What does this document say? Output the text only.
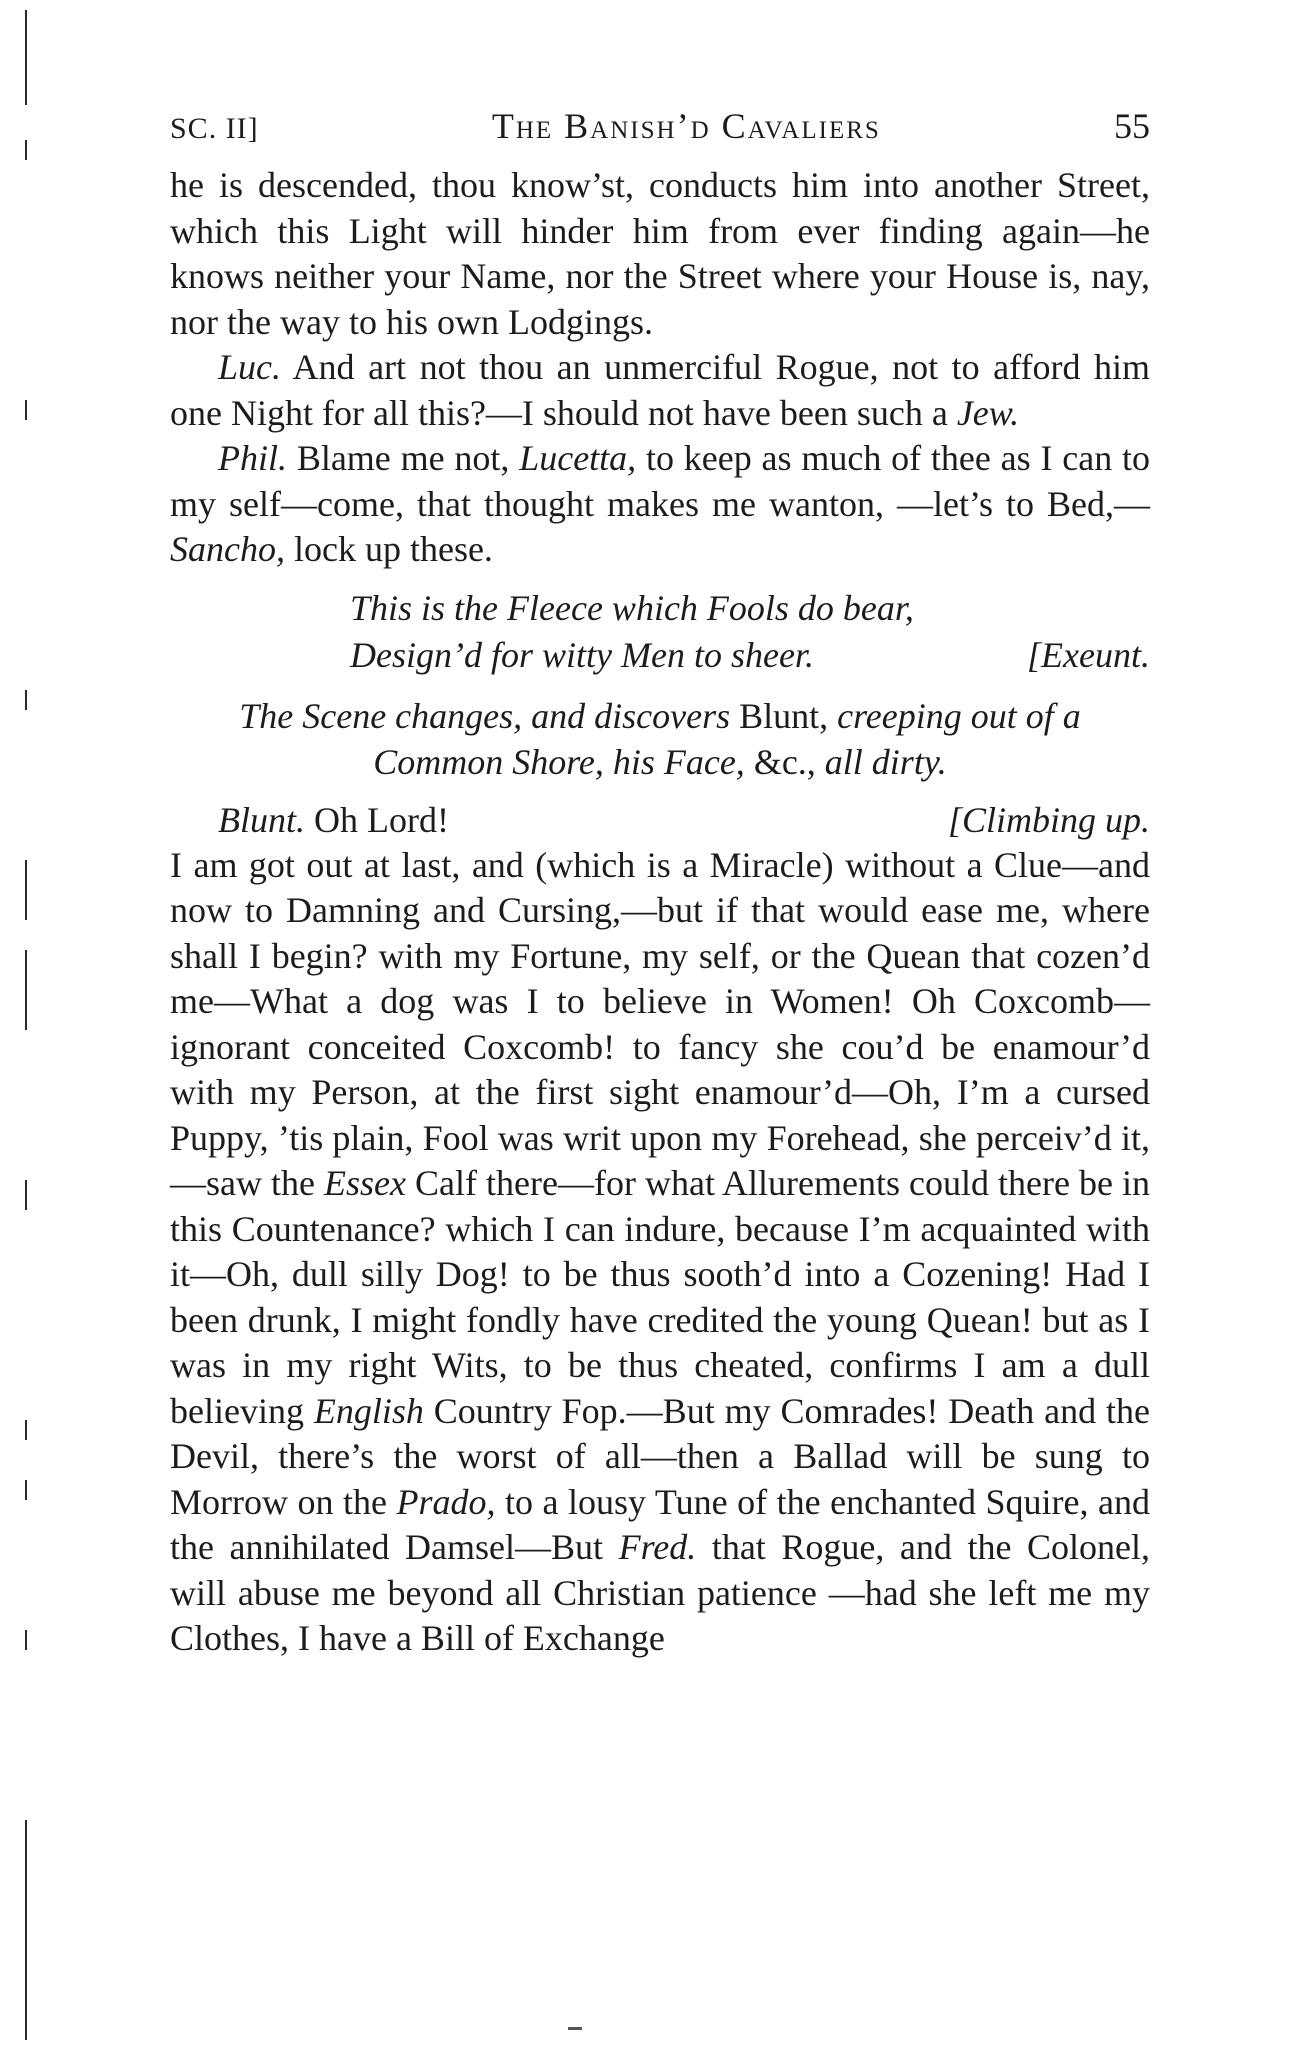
SC. II]	The Banish’d Cavaliers	55

he is descended, thou know’st, conducts him into another Street, which this Light will hinder him from ever finding again—he knows neither your Name, nor the Street where your House is, nay, nor the way to his own Lodgings.

Luc. And art not thou an unmerciful Rogue, not to afford him one Night for all this?—I should not have been such a Jew.

Phil. Blame me not, Lucetta, to keep as much of thee as I can to my self—come, that thought makes me wanton, —let’s to Bed,—Sancho, lock up these.

This is the Fleece which Fools do bear,
Design’d for witty Men to sheer.	[Exeunt.
The Scene changes, and discovers Blunt, creeping out of a Common Shore, his Face, &c., all dirty.
Blunt. Oh Lord!	[Climbing up.

I am got out at last, and (which is a Miracle) without a Clue—and now to Damning and Cursing,—but if that would ease me, where shall I begin? with my Fortune, my self, or the Quean that cozen’d me—What a dog was I to believe in Women! Oh Coxcomb—ignorant conceited Coxcomb! to fancy she cou’d be enamour’d with my Person, at the first sight enamour’d—Oh, I’m a cursed Puppy, ’tis plain, Fool was writ upon my Forehead, she perceiv’d it, —saw the Essex Calf there—for what Allurements could there be in this Countenance? which I can indure, because I’m acquainted with it—Oh, dull silly Dog! to be thus sooth’d into a Cozening! Had I been drunk, I might fondly have credited the young Quean! but as I was in my right Wits, to be thus cheated, confirms I am a dull believing English Country Fop.—But my Comrades! Death and the Devil, there’s the worst of all—then a Ballad will be sung to Morrow on the Prado, to a lousy Tune of the enchanted Squire, and the annihilated Damsel—But Fred. that Rogue, and the Colonel, will abuse me beyond all Christian patience —had she left me my Clothes, I have a Bill of Exchange
